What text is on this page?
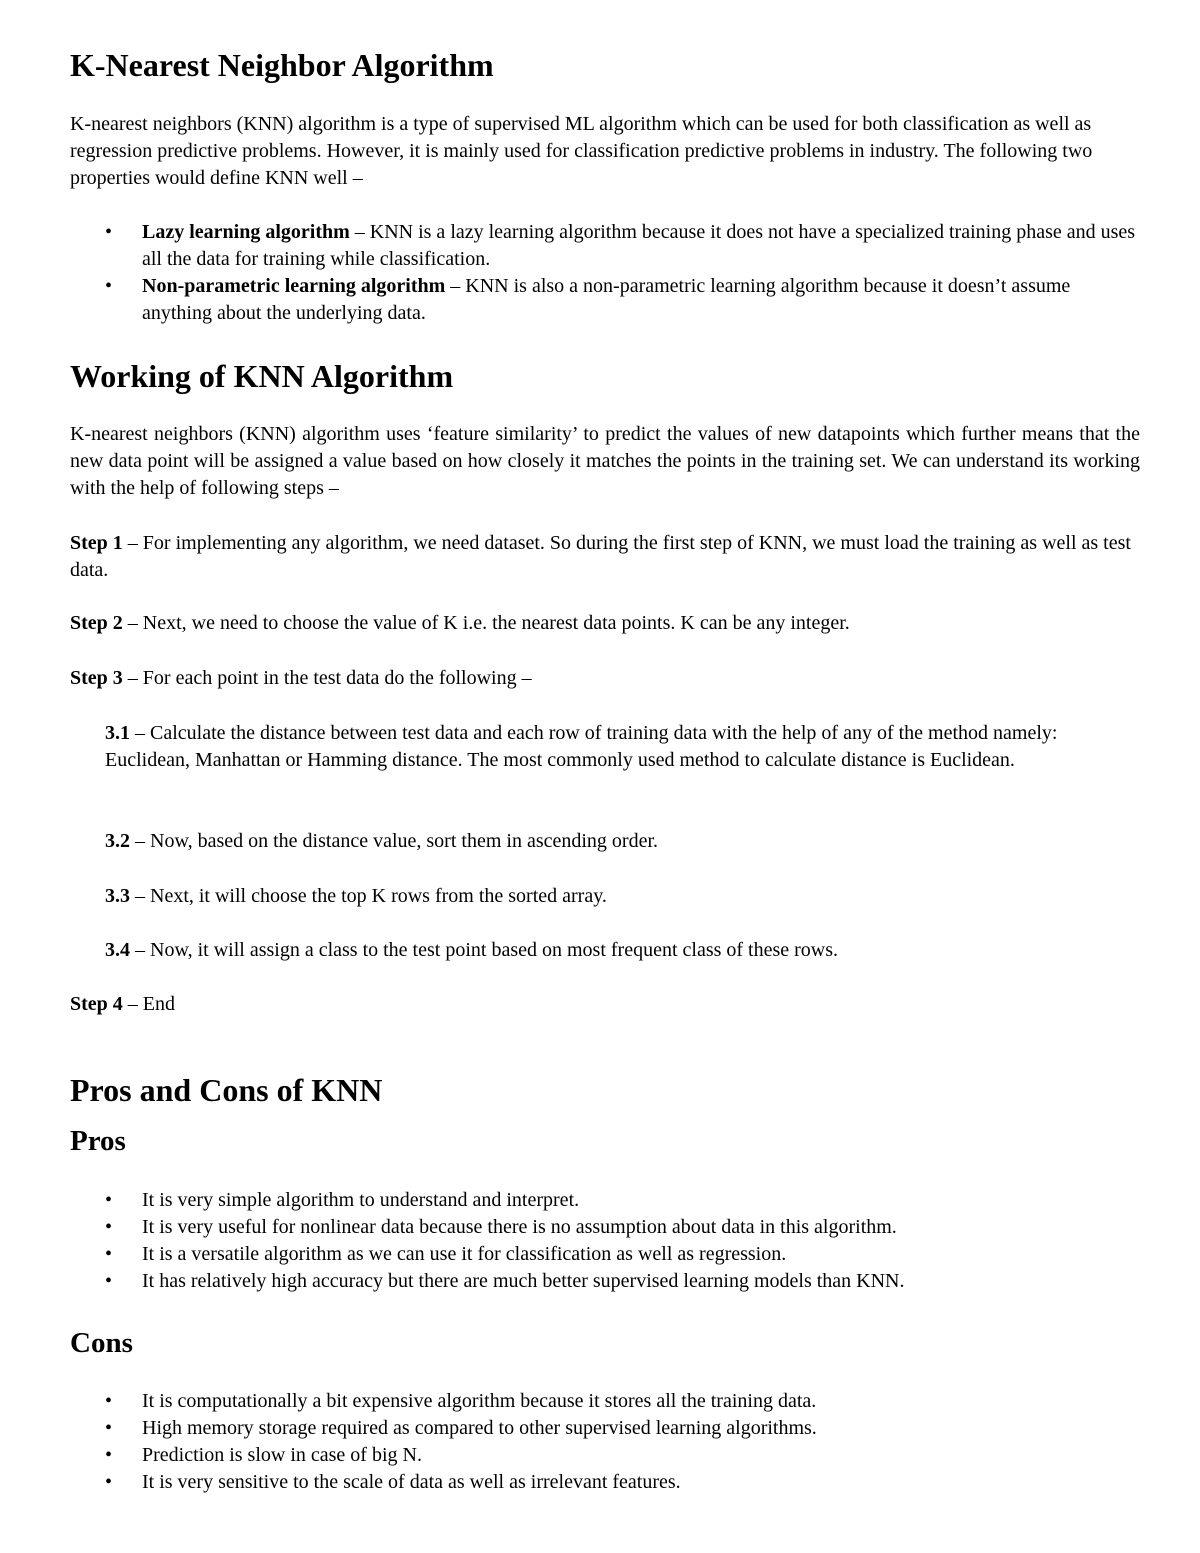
K-Nearest Neighbor Algorithm

K-nearest neighbors (KNN) algorithm is a type of supervised ML algorithm which can be used for both classification as well as regression predictive problems. However, it is mainly used for classification predictive problems in industry. The following two properties would define KNN well –

• Lazy learning algorithm – KNN is a lazy learning algorithm because it does not have a specialized training phase and uses all the data for training while classification.
• Non-parametric learning algorithm – KNN is also a non-parametric learning algorithm because it doesn’t assume anything about the underlying data.
Working of KNN Algorithm

K-nearest neighbors (KNN) algorithm uses ‘feature similarity’ to predict the values of new datapoints which further means that the new data point will be assigned a value based on how closely it matches the points in the training set. We can understand its working with the help of following steps –

Step 1 – For implementing any algorithm, we need dataset. So during the first step of KNN, we must load the training as well as test data.

Step 2 – Next, we need to choose the value of K i.e. the nearest data points. K can be any integer.

Step 3 – For each point in the test data do the following –

3.1 – Calculate the distance between test data and each row of training data with the help of any of the method namely: Euclidean, Manhattan or Hamming distance. The most commonly used method to calculate distance is Euclidean.

3.2 – Now, based on the distance value, sort them in ascending order.

3.3 – Next, it will choose the top K rows from the sorted array.

3.4 – Now, it will assign a class to the test point based on most frequent class of these rows.

Step 4 – End

Pros and Cons of KNN
Pros
• It is very simple algorithm to understand and interpret.
• It is very useful for nonlinear data because there is no assumption about data in this algorithm.
• It is a versatile algorithm as we can use it for classification as well as regression.
• It has relatively high accuracy but there are much better supervised learning models than KNN.
Cons
• It is computationally a bit expensive algorithm because it stores all the training data.
• High memory storage required as compared to other supervised learning algorithms.
• Prediction is slow in case of big N.
• It is very sensitive to the scale of data as well as irrelevant features.
